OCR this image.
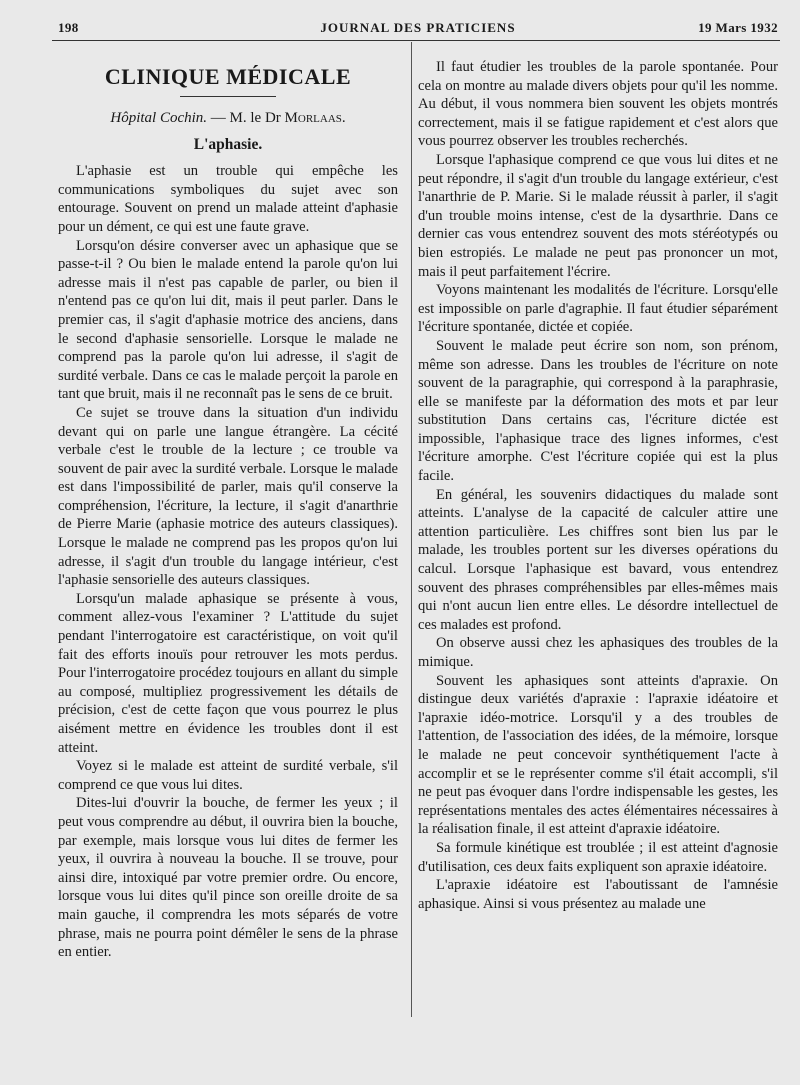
198	JOURNAL DES PRATICIENS	19 Mars 1932
CLINIQUE MÉDICALE
Hôpital Cochin. — M. le Dr Morlaas.
L'aphasie.

L'aphasie est un trouble qui empêche les communications symboliques du sujet avec son entourage. Souvent on prend un malade atteint d'aphasie pour un dément, ce qui est une faute grave.

Lorsqu'on désire converser avec un aphasique que se passe-t-il ? Ou bien le malade entend la parole qu'on lui adresse mais il n'est pas capable de parler, ou bien il n'entend pas ce qu'on lui dit, mais il peut parler. Dans le premier cas, il s'agit d'aphasie motrice des anciens, dans le second d'aphasie sensorielle. Lorsque le malade ne comprend pas la parole qu'on lui adresse, il s'agit de surdité verbale. Dans ce cas le malade perçoit la parole en tant que bruit, mais il ne reconnaît pas le sens de ce bruit.

Ce sujet se trouve dans la situation d'un individu devant qui on parle une langue étrangère. La cécité verbale c'est le trouble de la lecture ; ce trouble va souvent de pair avec la surdité verbale. Lorsque le malade est dans l'impossibilité de parler, mais qu'il conserve la compréhension, l'écriture, la lecture, il s'agit d'anarthrie de Pierre Marie (aphasie motrice des auteurs classiques). Lorsque le malade ne comprend pas les propos qu'on lui adresse, il s'agit d'un trouble du langage intérieur, c'est l'aphasie sensorielle des auteurs classiques.

Lorsqu'un malade aphasique se présente à vous, comment allez-vous l'examiner ? L'attitude du sujet pendant l'interrogatoire est caractéristique, on voit qu'il fait des efforts inouïs pour retrouver les mots perdus. Pour l'interrogatoire procédez toujours en allant du simple au composé, multipliez progressivement les détails de précision, c'est de cette façon que vous pourrez le plus aisément mettre en évidence les troubles dont il est atteint.

Voyez si le malade est atteint de surdité verbale, s'il comprend ce que vous lui dites.

Dites-lui d'ouvrir la bouche, de fermer les yeux ; il peut vous comprendre au début, il ouvrira bien la bouche, par exemple, mais lorsque vous lui dites de fermer les yeux, il ouvrira à nouveau la bouche. Il se trouve, pour ainsi dire, intoxiqué par votre premier ordre. Ou encore, lorsque vous lui dites qu'il pince son oreille droite de sa main gauche, il comprendra les mots séparés de votre phrase, mais ne pourra point démêler le sens de la phrase en entier.

Il faut étudier les troubles de la parole spontanée. Pour cela on montre au malade divers objets pour qu'il les nomme. Au début, il vous nommera bien souvent les objets montrés correctement, mais il se fatigue rapidement et c'est alors que vous pourrez observer les troubles recherchés.

Lorsque l'aphasique comprend ce que vous lui dites et ne peut répondre, il s'agit d'un trouble du langage extérieur, c'est l'anarthrie de P. Marie. Si le malade réussit à parler, il s'agit d'un trouble moins intense, c'est de la dysarthrie. Dans ce dernier cas vous entendrez souvent des mots stéréotypés ou bien estropiés. Le malade ne peut pas prononcer un mot, mais il peut parfaitement l'écrire.

Voyons maintenant les modalités de l'écriture. Lorsqu'elle est impossible on parle d'agraphie. Il faut étudier séparément l'écriture spontanée, dictée et copiée.

Souvent le malade peut écrire son nom, son prénom, même son adresse. Dans les troubles de l'écriture on note souvent de la paragraphie, qui correspond à la paraphrasie, elle se manifeste par la déformation des mots et par leur substitution Dans certains cas, l'écriture dictée est impossible, l'aphasique trace des lignes informes, c'est l'écriture amorphe. C'est l'écriture copiée qui est la plus facile.

En général, les souvenirs didactiques du malade sont atteints. L'analyse de la capacité de calculer attire une attention particulière. Les chiffres sont bien lus par le malade, les troubles portent sur les diverses opérations du calcul. Lorsque l'aphasique est bavard, vous entendrez souvent des phrases compréhensibles par elles-mêmes mais qui n'ont aucun lien entre elles. Le désordre intellectuel de ces malades est profond.

On observe aussi chez les aphasiques des troubles de la mimique.

Souvent les aphasiques sont atteints d'apraxie. On distingue deux variétés d'apraxie : l'apraxie idéatoire et l'apraxie idéo-motrice. Lorsqu'il y a des troubles de l'attention, de l'association des idées, de la mémoire, lorsque le malade ne peut concevoir synthétiquement l'acte à accomplir et se le représenter comme s'il était accompli, s'il ne peut pas évoquer dans l'ordre indispensable les gestes, les représentations mentales des actes élémentaires nécessaires à la réalisation finale, il est atteint d'apraxie idéatoire.

Sa formule kinétique est troublée ; il est atteint d'agnosie d'utilisation, ces deux faits expliquent son apraxie idéatoire.

L'apraxie idéatoire est l'aboutissant de l'amnésie aphasique. Ainsi si vous présentez au malade une
